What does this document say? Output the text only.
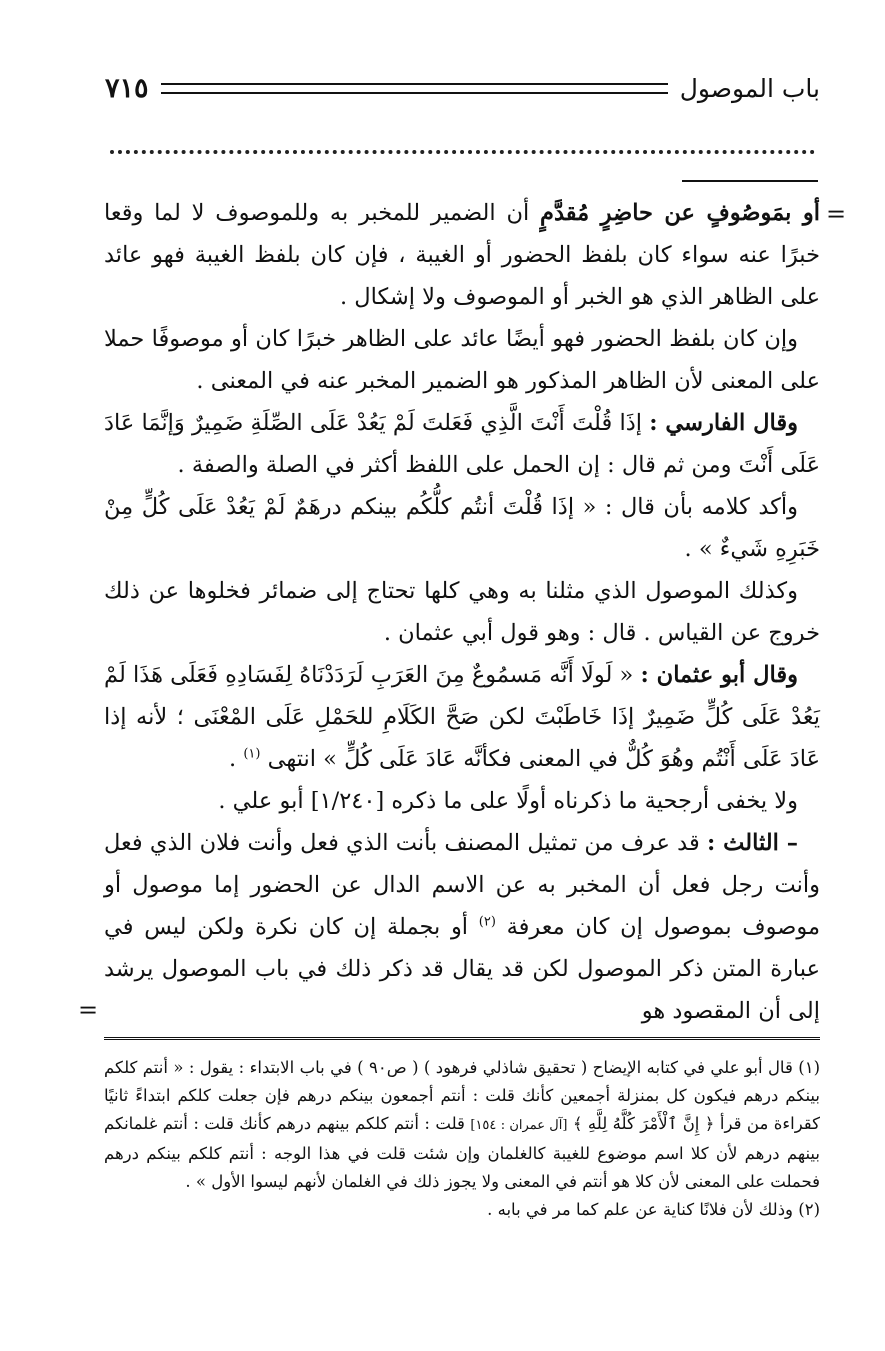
باب الموصول
٧١٥
=

أو بمَوصُوفٍ عن حاضِرٍ مُقدَّمٍ أن الضمير للمخبر به وللموصوف لا لما وقعا خبرًا عنه سواء كان بلفظ الحضور أو الغيبة ، فإن كان بلفظ الغيبة فهو عائد على الظاهر الذي هو الخبر أو الموصوف ولا إشكال .

وإن كان بلفظ الحضور فهو أيضًا عائد على الظاهر خبرًا كان أو موصوفًا حملا على المعنى لأن الظاهر المذكور هو الضمير المخبر عنه في المعنى .

وقال الفارسي : إذَا قُلْتَ أَنْتَ الَّذِي فَعَلتَ لَمْ يَعُدْ عَلَى الصِّلَةِ ضَمِيرٌ وَإنَّمَا عَادَ عَلَى أَنْتَ ومن ثم قال : إن الحمل على اللفظ أكثر في الصلة والصفة .

وأكد كلامه بأن قال : « إذَا قُلْتَ أنتُم كلُّكُم بينكم درهَمٌ لَمْ يَعُدْ عَلَى كُلٍّ مِنْ خَبَرِهِ شَيءٌ » .

وكذلك الموصول الذي مثلنا به وهي كلها تحتاج إلى ضمائر فخلوها عن ذلك خروج عن القياس . قال : وهو قول أبي عثمان .

وقال أبو عثمان : « لَولَا أَنَّه مَسمُوعٌ مِنَ العَرَبِ لَرَدَدْنَاهُ لِفَسَادِهِ فَعَلَى هَذَا لَمْ يَعُدْ عَلَى كُلٍّ ضَمِيرٌ إذَا خَاطَبْتَ لكن صَحَّ الكَلَامِ للحَمْلِ عَلَى المْعْنَى ؛ لأنه إذا عَادَ عَلَى أَنْتُم وهُوَ كُلٌّ في المعنى فكأنَّه عَادَ عَلَى كُلٍّ » انتهى $^{(١)}$ .

ولا يخفى أرجحية ما ذكرناه أولًا على ما ذكره [١/٢٤٠] أبو علي .

– الثالث : قد عرف من تمثيل المصنف بأنت الذي فعل وأنت فلان الذي فعل وأنت رجل فعل أن المخبر به عن الاسم الدال عن الحضور إما موصول أو موصوف بموصول إن كان معرفة $^{(٢)}$ أو بجملة إن كان نكرة ولكن ليس في عبارة المتن ذكر الموصول لكن قد يقال قد ذكر ذلك في باب الموصول يرشد إلى أن المقصود هو

=

(١) قال أبو علي في كتابه الإيضاح ( تحقيق شاذلي فرهود ) ( ص٩٠ ) في باب الابتداء : يقول : « أنتم كلكم بينكم درهم فيكون كل بمنزلة أجمعين كأنك قلت : أنتم أجمعون بينكم درهم فإن جعلت كلكم ابتداءً ثانيًا كقراءة من قرأ ﴿ إِنَّ ٱلْأَمْرَ كُلَّهُ لِلَّهِ ﴾ [آل عمران : ١٥٤] قلت : أنتم كلكم بينهم درهم كأنك قلت : أنتم غلمانكم بينهم درهم لأن كلا اسم موضوع للغيبة كالغلمان وإن شئت قلت في هذا الوجه : أنتم كلكم بينكم درهم فحملت على المعنى لأن كلا هو أنتم في المعنى ولا يجوز ذلك في الغلمان لأنهم ليسوا الأول » .

(٢) وذلك لأن فلانًا كناية عن علم كما مر في بابه .
